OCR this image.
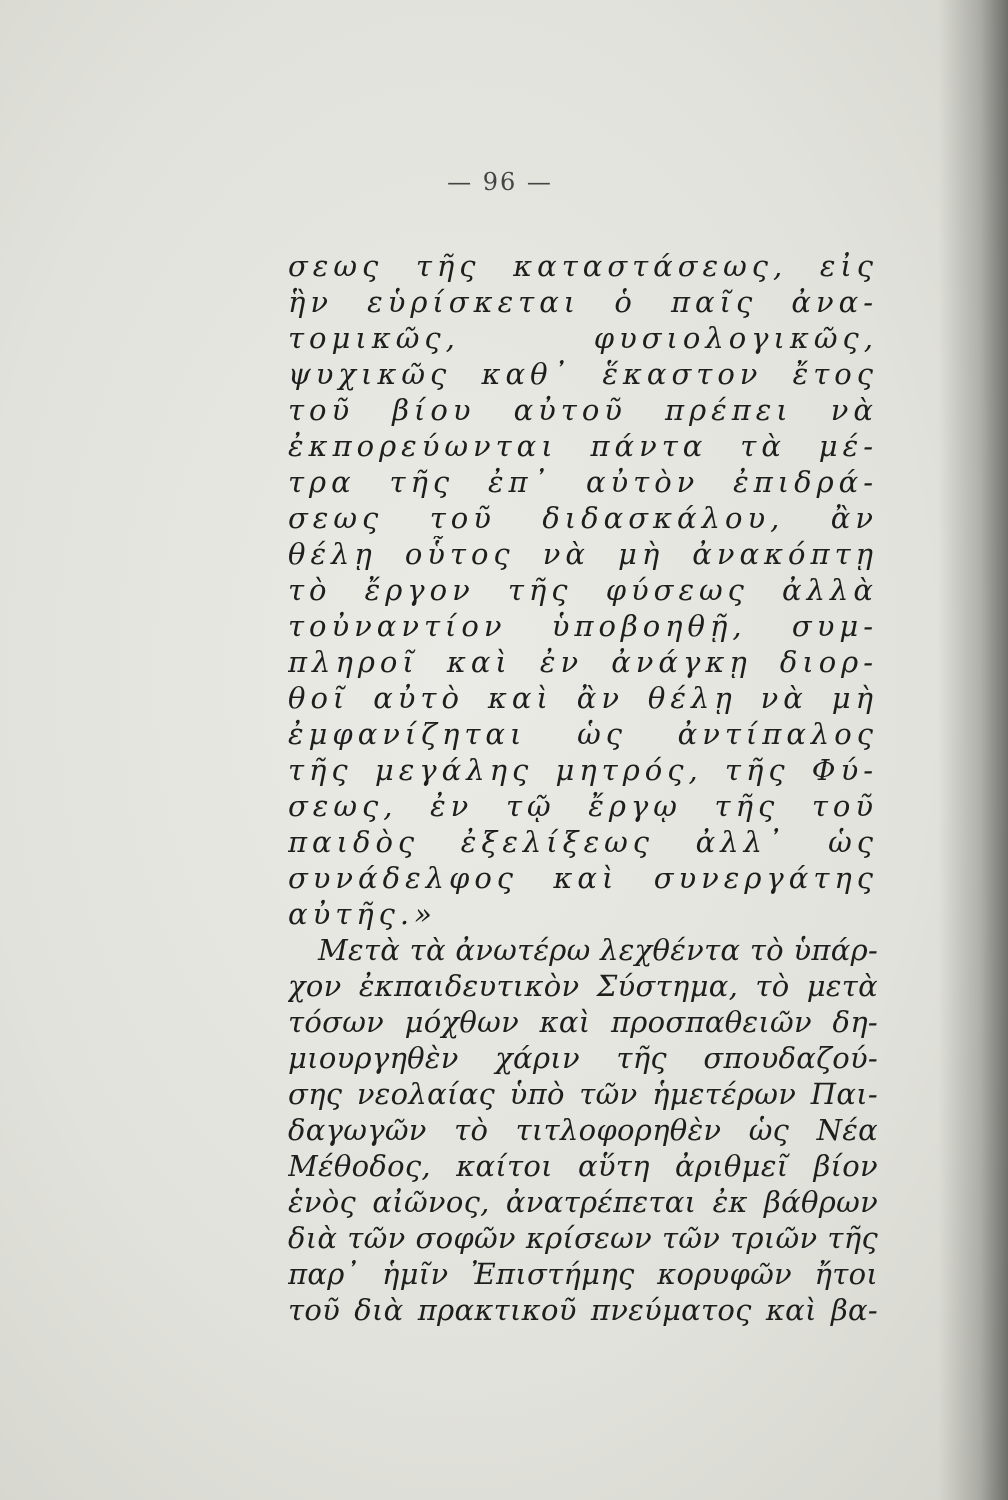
— 96 —
σεως τῆς καταστάσεως, εἰς
ἣν εὑρίσκεται ὁ παῖς ἀνα-
τομικῶς, φυσιολογικῶς,
ψυχικῶς καθ᾽ ἕκαστον ἔτος
τοῦ βίου αὐτοῦ πρέπει νὰ
ἐκπορεύωνται πάντα τὰ μέ-
τρα τῆς ἐπ᾽ αὐτὸν ἐπιδρά-
σεως τοῦ διδασκάλου, ἂν
θέλῃ οὗτος νὰ μὴ ἀνακόπτῃ
τὸ ἔργον τῆς φύσεως ἀλλὰ
τοὐναντίον ὑποβοηθῇ, συμ-
πληροῖ καὶ ἐν ἀνάγκῃ διορ-
θοῖ αὐτὸ καὶ ἂν θέλῃ νὰ μὴ
ἐμφανίζηται ὡς ἀντίπαλος
τῆς μεγάλης μητρός, τῆς Φύ-
σεως, ἐν τῷ ἔργῳ τῆς τοῦ
παιδὸς ἐξελίξεως ἀλλ᾽ ὡς
συνάδελφος καὶ συνεργάτης
αὐτῆς.»
Μετὰ τὰ ἀνωτέρω λεχθέντα τὸ ὑπάρ-
χον ἐκπαιδευτικὸν Σύστημα, τὸ μετὰ
τόσων μόχθων καὶ προσπαθειῶν δη-
μιουργηθὲν χάριν τῆς σπουδαζού-
σης νεολαίας ὑπὸ τῶν ἡμετέρων Παι-
δαγωγῶν τὸ τιτλοφορηθὲν ὡς Νέα
Μέθοδος, καίτοι αὕτη ἀριθμεῖ βίον
ἑνὸς αἰῶνος, ἀνατρέπεται ἐκ βάθρων
διὰ τῶν σοφῶν κρίσεων τῶν τριῶν τῆς
παρ᾽ ἡμῖν Ἐπιστήμης κορυφῶν ἤτοι
τοῦ διὰ πρακτικοῦ πνεύματος καὶ βα-
